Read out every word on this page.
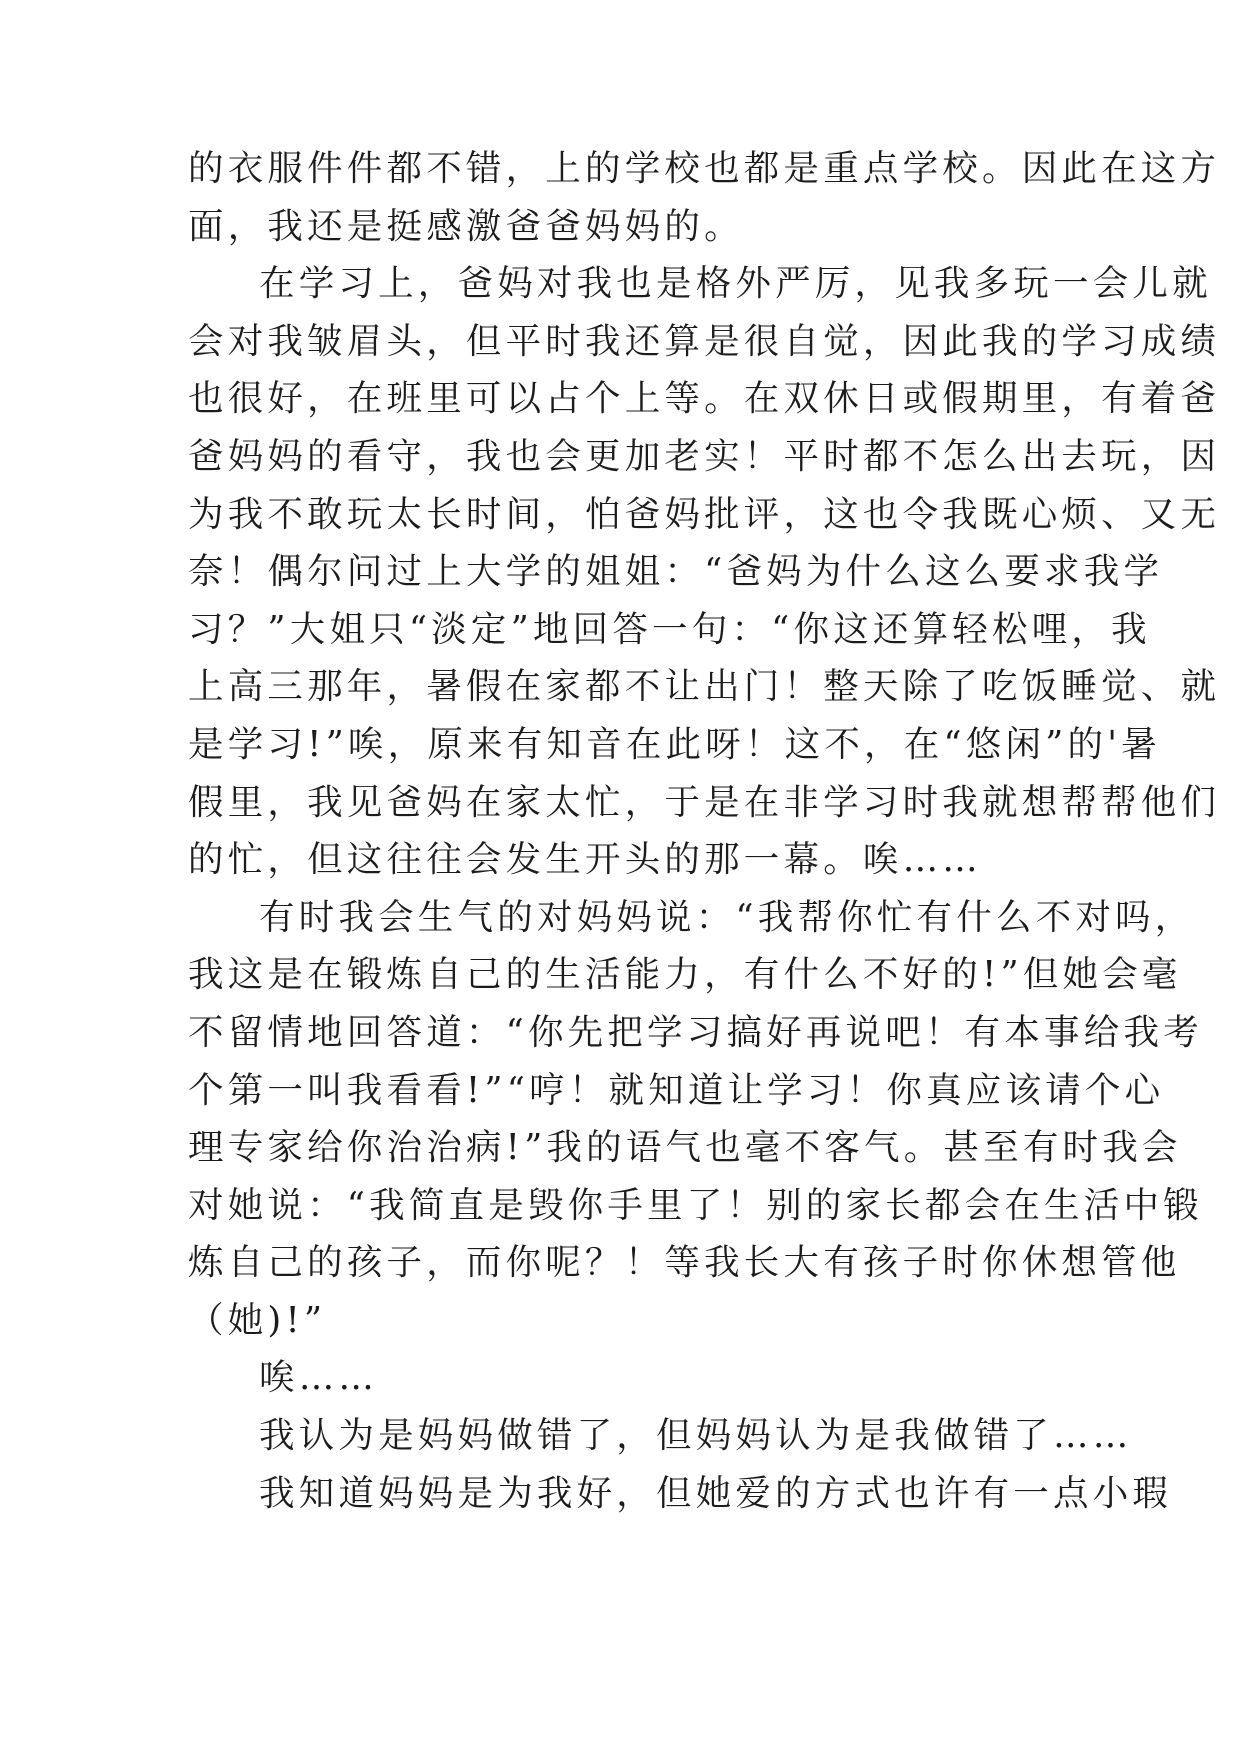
的衣服件件都不错，上的学校也都是重点学校。因此在这方
面，我还是挺感激爸爸妈妈的。
在学习上，爸妈对我也是格外严厉，见我多玩一会儿就
会对我皱眉头，但平时我还算是很自觉，因此我的学习成绩
也很好，在班里可以占个上等。在双休日或假期里，有着爸
爸妈妈的看守，我也会更加老实！平时都不怎么出去玩，因
为我不敢玩太长时间，怕爸妈批评，这也令我既心烦、又无
奈！偶尔问过上大学的姐姐：“爸妈为什么这么要求我学
习？”大姐只“淡定”地回答一句：“你这还算轻松哩，我
上高三那年，暑假在家都不让出门！整天除了吃饭睡觉、就
是学习!”唉，原来有知音在此呀！这不，在“悠闲”的'暑
假里，我见爸妈在家太忙，于是在非学习时我就想帮帮他们
的忙，但这往往会发生开头的那一幕。唉……
有时我会生气的对妈妈说：“我帮你忙有什么不对吗，
我这是在锻炼自己的生活能力，有什么不好的!”但她会毫
不留情地回答道：“你先把学习搞好再说吧！有本事给我考
个第一叫我看看!”“哼！就知道让学习！你真应该请个心
理专家给你治治病!”我的语气也毫不客气。甚至有时我会
对她说：“我简直是毁你手里了！别的家长都会在生活中锻
炼自己的孩子，而你呢？！等我长大有孩子时你休想管他
（她)!”
唉……
我认为是妈妈做错了，但妈妈认为是我做错了……
我知道妈妈是为我好，但她爱的方式也许有一点小瑕
